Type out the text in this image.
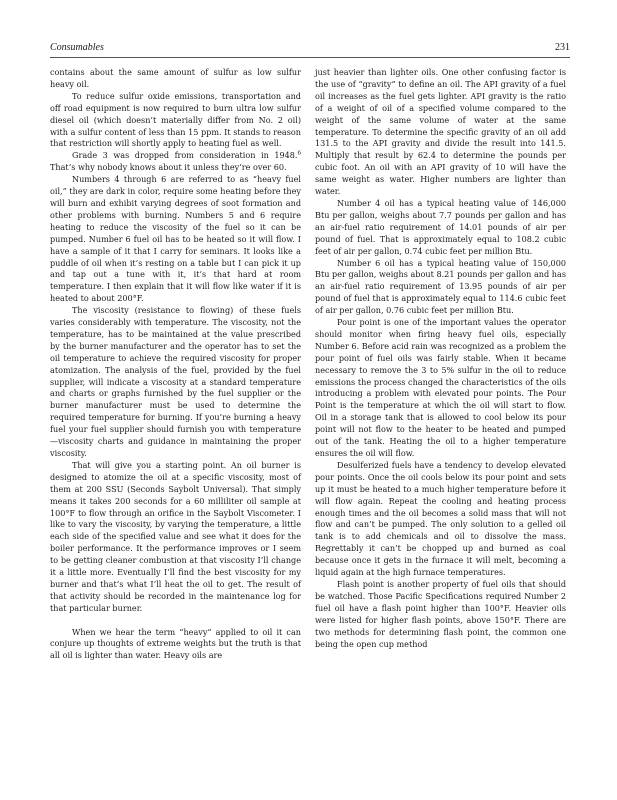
Consumables	231

contains about the same amount of sulfur as low sulfur heavy oil.

To reduce sulfur oxide emissions, transportation and off road equipment is now required to burn ultra low sulfur diesel oil (which doesn’t materially differ from No. 2 oil) with a sulfur content of less than 15 ppm. It stands to reason that restriction will shortly apply to heating fuel as well.

Grade 3 was dropped from consideration in 1948.$^6$ That’s why nobody knows about it unless they’re over 60.

Numbers 4 through 6 are referred to as “heavy fuel oil,” they are dark in color, require some heating before they will burn and exhibit varying degrees of soot formation and other problems with burning. Numbers 5 and 6 require heating to reduce the viscosity of the fuel so it can be pumped. Number 6 fuel oil has to be heated so it will flow. I have a sample of it that I carry for seminars. It looks like a puddle of oil when it’s resting on a table but I can pick it up and tap out a tune with it, it’s that hard at room temperature. I then explain that it will flow like water if it is heated to about 200°F.

The viscosity (resistance to flowing) of these fuels varies considerably with temperature. The viscosity, not the temperature, has to be maintained at the value prescribed by the burner manufacturer and the operator has to set the oil temperature to achieve the required viscosity for proper atomization. The analysis of the fuel, provided by the fuel supplier, will indicate a viscosity at a standard temperature and charts or graphs furnished by the fuel supplier or the burner manufacturer must be used to determine the required temperature for burning. If you’re burning a heavy fuel your fuel supplier should furnish you with temperature—viscosity charts and guidance in maintaining the proper viscosity.

That will give you a starting point. An oil burner is designed to atomize the oil at a specific viscosity, most of them at 200 SSU (Seconds Saybolt Universal). That simply means it takes 200 seconds for a 60 milliliter oil sample at 100°F to flow through an orifice in the Saybolt Viscometer. I like to vary the viscosity, by varying the temperature, a little each side of the specified value and see what it does for the boiler performance. It the performance improves or I seem to be getting cleaner combustion at that viscosity I’ll change it a little more. Eventually I’ll find the best viscosity for my burner and that’s what I’ll heat the oil to get. The result of that activity should be recorded in the maintenance log for that particular burner.

When we hear the term “heavy” applied to oil it can conjure up thoughts of extreme weights but the truth is that all oil is lighter than water. Heavy oils are

just heavier than lighter oils. One other confusing factor is the use of “gravity” to define an oil. The API gravity of a fuel oil increases as the fuel gets lighter. API gravity is the ratio of a weight of oil of a specified volume compared to the weight of the same volume of water at the same temperature. To determine the specific gravity of an oil add 131.5 to the API gravity and divide the result into 141.5. Multiply that result by 62.4 to determine the pounds per cubic foot. An oil with an API gravity of 10 will have the same weight as water. Higher numbers are lighter than water.

Number 4 oil has a typical heating value of 146,000 Btu per gallon, weighs about 7.7 pounds per gallon and has an air-fuel ratio requirement of 14.01 pounds of air per pound of fuel. That is approximately equal to 108.2 cubic feet of air per gallon, 0.74 cubic feet per million Btu.

Number 6 oil has a typical heating value of 150,000 Btu per gallon, weighs about 8.21 pounds per gallon and has an air-fuel ratio requirement of 13.95 pounds of air per pound of fuel that is approximately equal to 114.6 cubic feet of air per gallon, 0.76 cubic feet per million Btu.

Pour point is one of the important values the operator should monitor when firing heavy fuel oils, especially Number 6. Before acid rain was recognized as a problem the pour point of fuel oils was fairly stable. When it became necessary to remove the 3 to 5% sulfur in the oil to reduce emissions the process changed the characteristics of the oils introducing a problem with elevated pour points. The Pour Point is the temperature at which the oil will start to flow. Oil in a storage tank that is allowed to cool below its pour point will not flow to the heater to be heated and pumped out of the tank. Heating the oil to a higher temperature ensures the oil will flow.

Desulferized fuels have a tendency to develop elevated pour points. Once the oil cools below its pour point and sets up it must be heated to a much higher temperature before it will flow again. Repeat the cooling and heating process enough times and the oil becomes a solid mass that will not flow and can’t be pumped. The only solution to a gelled oil tank is to add chemicals and oil to dissolve the mass. Regrettably it can’t be chopped up and burned as coal because once it gets in the furnace it will melt, becoming a liquid again at the high furnace temperatures.

Flash point is another property of fuel oils that should be watched. Those Pacific Specifications required Number 2 fuel oil have a flash point higher than 100°F. Heavier oils were listed for higher flash points, above 150°F. There are two methods for determining flash point, the common one being the open cup method
